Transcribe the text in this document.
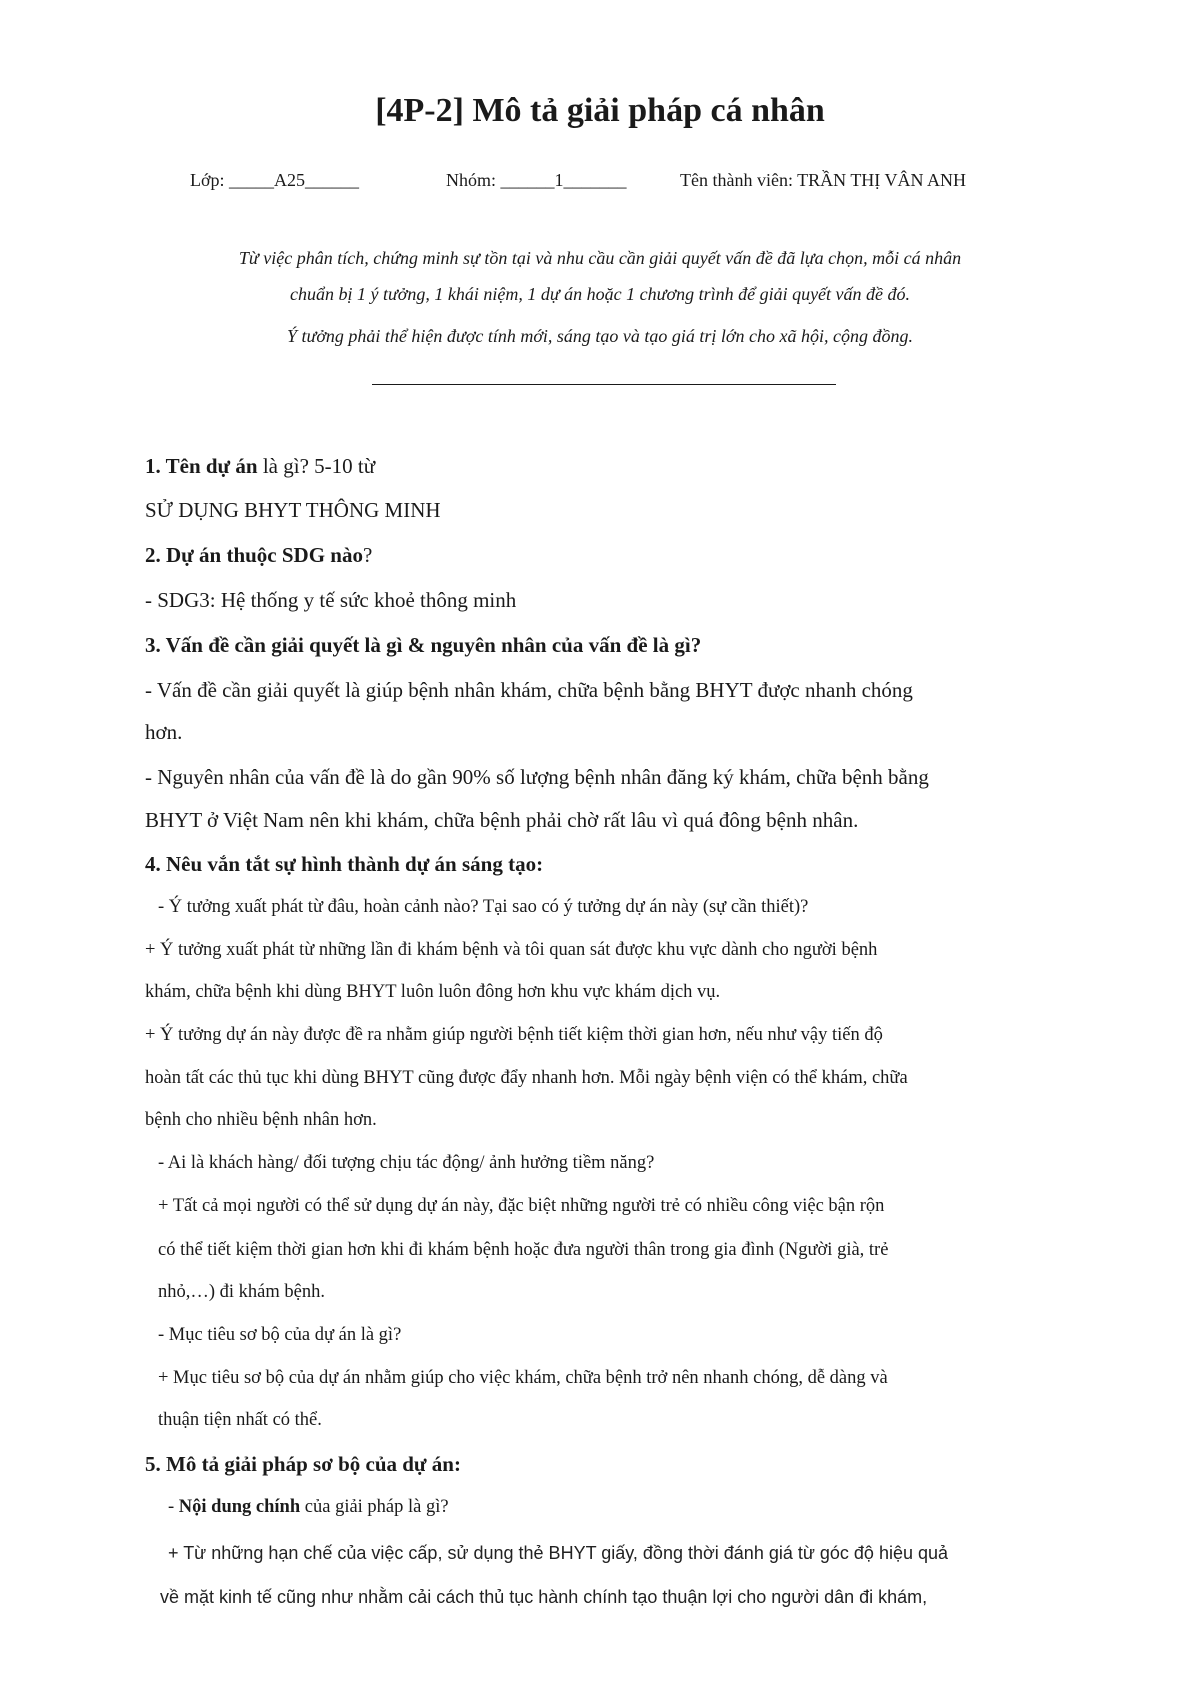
[4P-2] Mô tả giải pháp cá nhân
Lớp: _____A25______	Nhóm: ______1_______	Tên thành viên: TRẦN THỊ VÂN ANH
Từ việc phân tích, chứng minh sự tồn tại và nhu cầu cần giải quyết vấn đề đã lựa chọn, mỗi cá nhân
chuẩn bị 1 ý tưởng, 1 khái niệm, 1 dự án hoặc 1 chương trình để giải quyết vấn đề đó.
Ý tưởng phải thể hiện được tính mới, sáng tạo và tạo giá trị lớn cho xã hội, cộng đồng.
1. Tên dự án là gì? 5-10 từ
SỬ DỤNG BHYT THÔNG MINH
2. Dự án thuộc SDG nào?
- SDG3: Hệ thống y tế sức khoẻ thông minh
3. Vấn đề cần giải quyết là gì & nguyên nhân của vấn đề là gì?
- Vấn đề cần giải quyết là giúp bệnh nhân khám, chữa bệnh bằng BHYT được nhanh chóng
hơn.
- Nguyên nhân của vấn đề là do gần 90% số lượng bệnh nhân đăng ký khám, chữa bệnh bằng
BHYT ở Việt Nam nên khi khám, chữa bệnh phải chờ rất lâu vì quá đông bệnh nhân.
4. Nêu vắn tắt sự hình thành dự án sáng tạo:
- Ý tưởng xuất phát từ đâu, hoàn cảnh nào? Tại sao có ý tưởng dự án này (sự cần thiết)?
+ Ý tưởng xuất phát từ những lần đi khám bệnh và tôi quan sát được khu vực dành cho người bệnh
khám, chữa bệnh khi dùng BHYT luôn luôn đông hơn khu vực khám dịch vụ.
+ Ý tưởng dự án này được đề ra nhằm giúp người bệnh tiết kiệm thời gian hơn, nếu như vậy tiến độ
hoàn tất các thủ tục khi dùng BHYT cũng được đẩy nhanh hơn. Mỗi ngày bệnh viện có thể khám, chữa
bệnh cho nhiều bệnh nhân hơn.
- Ai là khách hàng/ đối tượng chịu tác động/ ảnh hưởng tiềm năng?
+ Tất cả mọi người có thể sử dụng dự án này, đặc biệt những người trẻ có nhiều công việc bận rộn
có thể tiết kiệm thời gian hơn khi đi khám bệnh hoặc đưa người thân trong gia đình (Người già, trẻ
nhỏ,…) đi khám bệnh.
- Mục tiêu sơ bộ của dự án là gì?
+ Mục tiêu sơ bộ của dự án nhằm giúp cho việc khám, chữa bệnh trở nên nhanh chóng, dễ dàng và
thuận tiện nhất có thể.
5. Mô tả giải pháp sơ bộ của dự án:
- Nội dung chính của giải pháp là gì?
+ Từ những hạn chế của việc cấp, sử dụng thẻ BHYT giấy, đồng thời đánh giá từ góc độ hiệu quả
về mặt kinh tế cũng như nhằm cải cách thủ tục hành chính tạo thuận lợi cho người dân đi khám,
